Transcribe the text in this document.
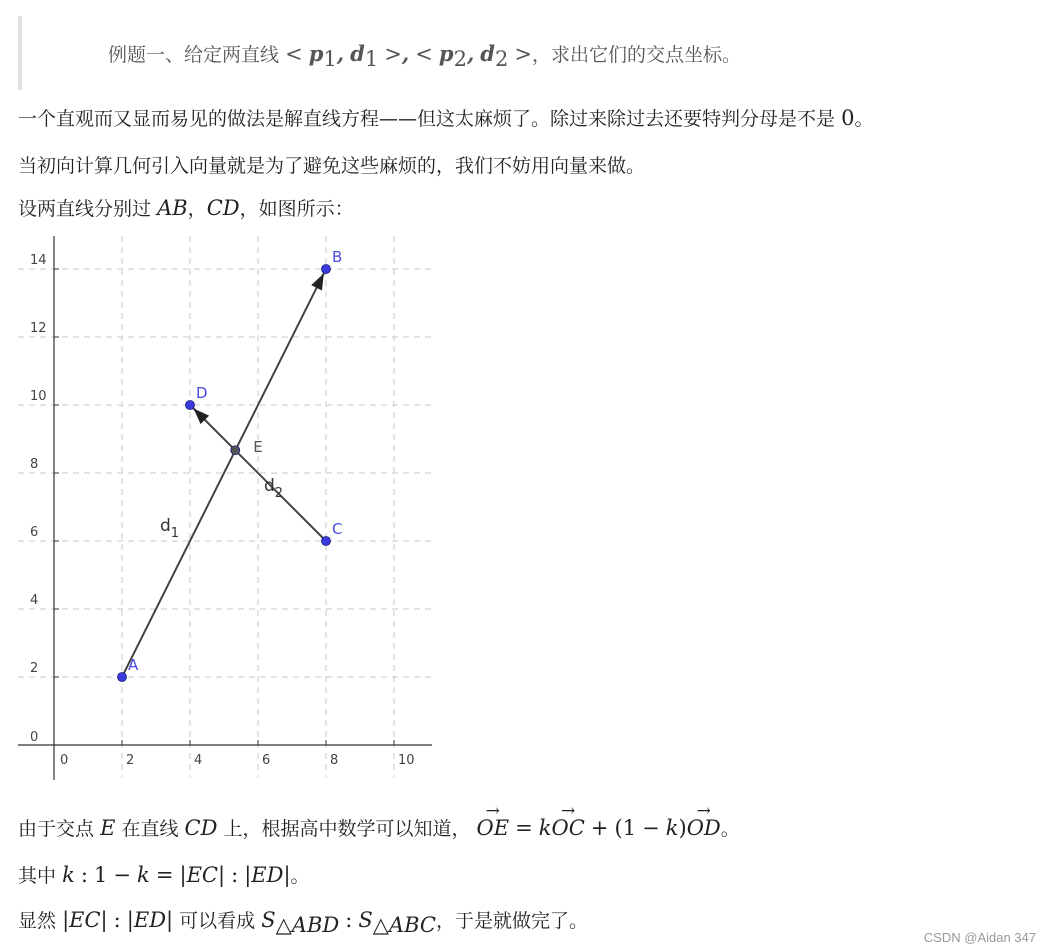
例题一、给定两直线 < $p_1$, $d_1$ >, < $p_2$, $d_2$ >，求出它们的交点坐标。
一个直观而又显而易见的做法是解直线方程——但这太麻烦了。除过来除过去还要特判分母是不是 0。
当初向计算几何引入向量就是为了避免这些麻烦的，我们不妨用向量来做。
设两直线分别过 AB，CD，如图所示：
0	2	4	6	8	10
0
2
4
6
8
10
12
14
$d_1$
$d_2$
A
B
C
D
E
由于交点 E 在直线 CD 上，根据高中数学可以知道， → OE = k→ OC + (1 − k)→ OD。
其中 k : 1 − k = |EC| : |ED|。
显然 |EC| : |ED| 可以看成 $S_{\triangle ABD}$ : $S_{\triangle ABC}$，于是就做完了。
CSDN @Aidan 347
